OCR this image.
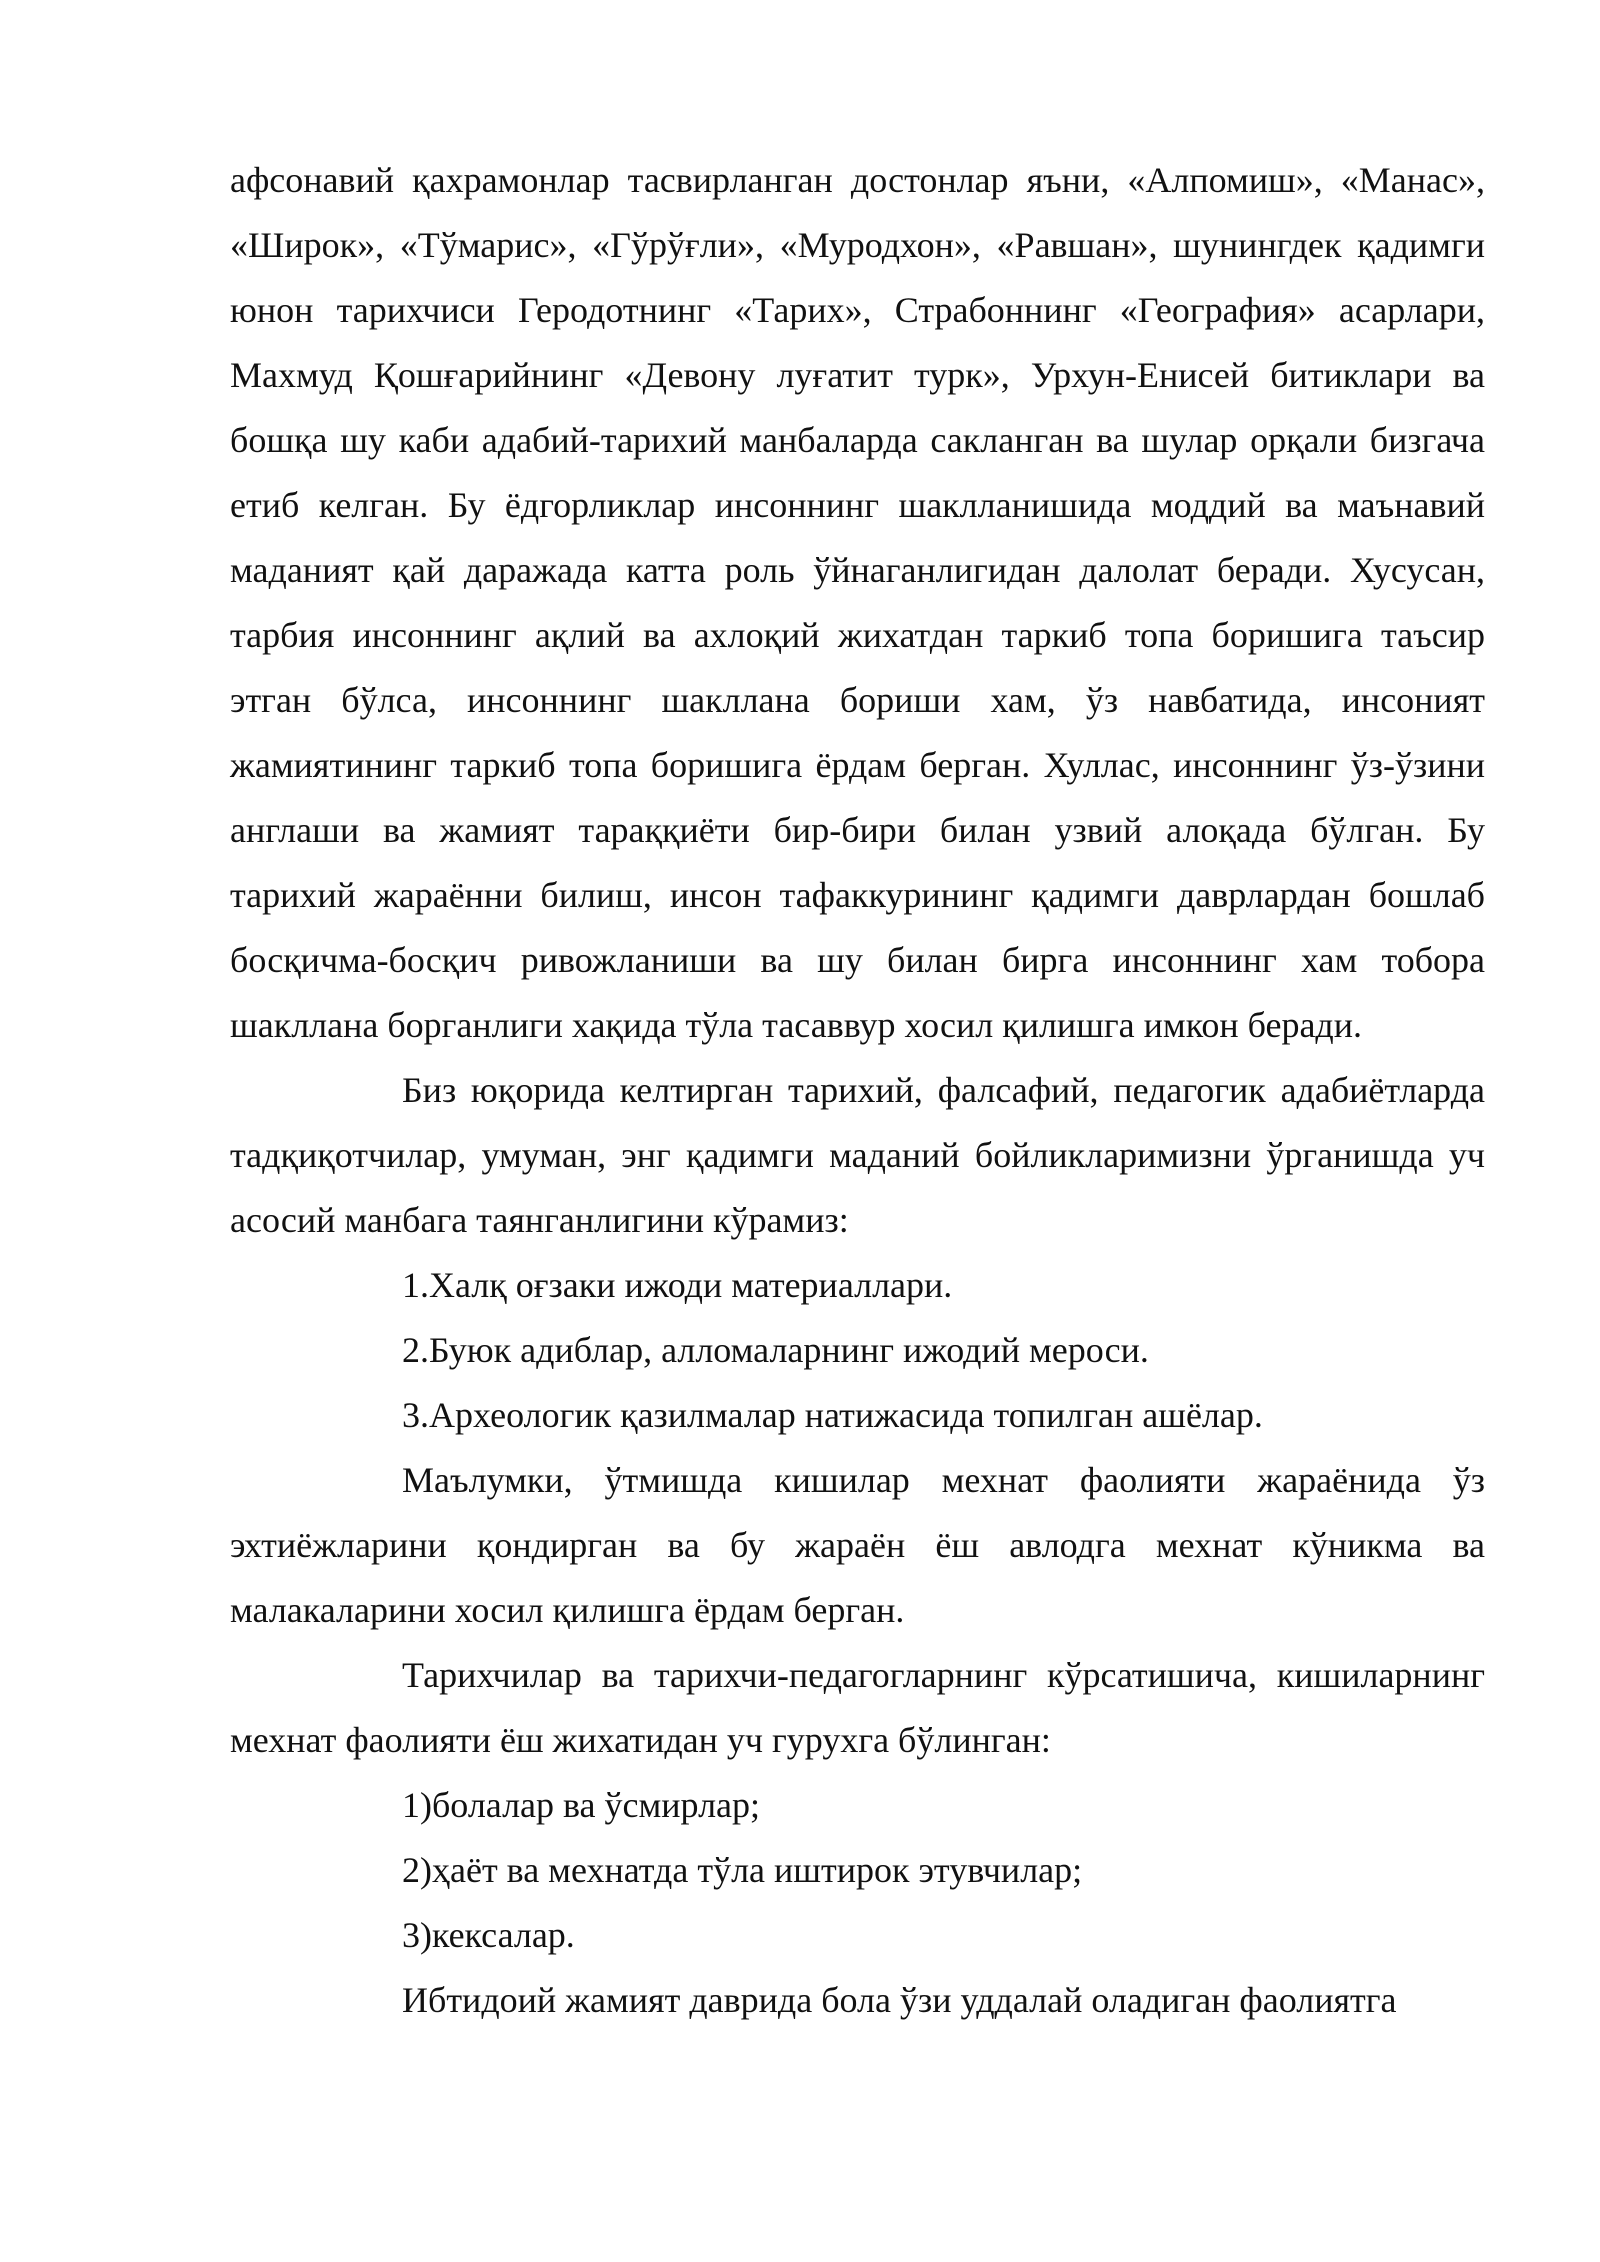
афсонавий қахрамонлар тасвирланган достонлар яъни, «Алпомиш», «Манас», «Широк», «Тўмарис», «Гўрўғли», «Муродхон», «Равшан», шунингдек қадимги юнон тарихчиси Геродотнинг «Тарих», Страбоннинг «География» асарлари, Махмуд Қошғарийнинг «Девону луғатит турк», Урхун-Енисей битиклари ва бошқа шу каби адабий-тарихий манбаларда сакланган ва шулар орқали бизгача етиб келган. Бу ёдгорликлар инсоннинг шаклланишида моддий ва маънавий маданият қай даражада катта роль ўйнаганлигидан далолат беради. Хусусан, тарбия инсоннинг ақлий ва ахлоқий жихатдан таркиб топа боришига таъсир этган бўлса, инсоннинг шакллана бориши хам, ўз навбатида, инсоният жамиятининг таркиб топа боришига ёрдам берган. Хуллас, инсоннинг ўз-ўзини англаши ва жамият тараққиёти бир-бири билан узвий алоқада бўлган. Бу тарихий жараённи билиш, инсон тафаккурининг қадимги даврлардан бошлаб босқичма-босқич ривожланиши ва шу билан бирга инсоннинг хам тобора шакллана борганлиги хақида тўла тасаввур хосил қилишга имкон беради.

Биз юқорида келтирган тарихий, фалсафий, педагогик адабиётларда тадқиқотчилар, умуман, энг қадимги маданий бойликларимизни ўрганишда уч асосий манбага таянганлигини кўрамиз:

1.Халқ оғзаки ижоди материаллари.

2.Буюк адиблар, алломаларнинг ижодий мероси.

3.Археологик қазилмалар натижасида топилган ашёлар.

Маълумки, ўтмишда кишилар мехнат фаолияти жараёнида ўз эхтиёжларини қондирган ва бу жараён ёш авлодга мехнат кўникма ва малакаларини хосил қилишга ёрдам берган.

Тарихчилар ва тарихчи-педагогларнинг кўрсатишича, кишиларнинг мехнат фаолияти ёш жихатидан уч гурухга бўлинган:

1)болалар ва ўсмирлар;

2)ҳаёт ва мехнатда тўла иштирок этувчилар;

3)кексалар.

Ибтидоий жамият даврида бола ўзи уддалай оладиган фаолиятга
